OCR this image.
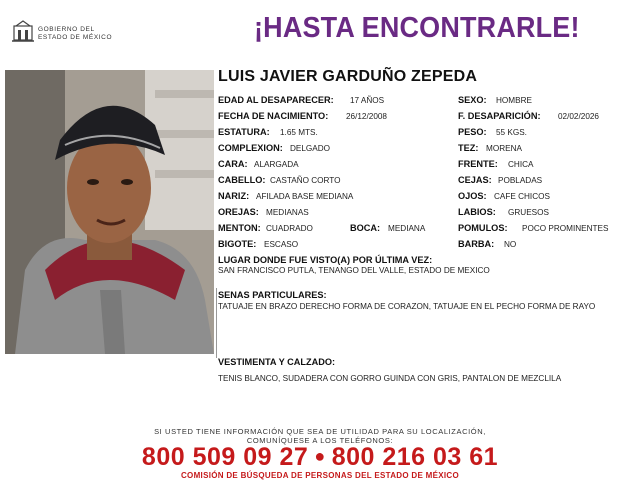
GOBIERNO DEL
ESTADO DE MÉXICO	¡HASTA ENCONTRARLE!
LUIS JAVIER GARDUÑO ZEPEDA
EDAD AL DESAPARECER: 17 AÑOS	SEXO: HOMBRE
FECHA DE NACIMIENTO: 26/12/2008	F. DESAPARICIÓN: 02/02/2026
ESTATURA: 1.65 MTS.	PESO: 55 KGS.
COMPLEXION: DELGADO	TEZ: MORENA
CARA: ALARGADA	FRENTE: CHICA
CABELLO: CASTAÑO CORTO	CEJAS: POBLADAS
NARIZ: AFILADA BASE MEDIANA	OJOS: CAFE CHICOS
OREJAS: MEDIANAS	LABIOS: GRUESOS
MENTON: CUADRADO	BOCA: MEDIANA	POMULOS: POCO PROMINENTES
BIGOTE: ESCASO	BARBA: NO
LUGAR DONDE FUE VISTO(A) POR ÚLTIMA VEZ:
SAN FRANCISCO PUTLA, TENANGO DEL VALLE, ESTADO DE MEXICO
SENAS PARTICULARES:
TATUAJE EN BRAZO DERECHO FORMA DE CORAZON, TATUAJE EN EL PECHO FORMA DE RAYO
VESTIMENTA Y CALZADO:
TENIS BLANCO, SUDADERA CON GORRO GUINDA CON GRIS, PANTALON DE MEZCLILA
SI USTED TIENE INFORMACIÓN QUE SEA DE UTILIDAD PARA SU LOCALIZACIÓN,
COMUNÍQUESE A LOS TELÉFONOS:
800 509 09 27 ● 800 216 03 61
COMISIÓN DE BÚSQUEDA DE PERSONAS DEL ESTADO DE MÉXICO
